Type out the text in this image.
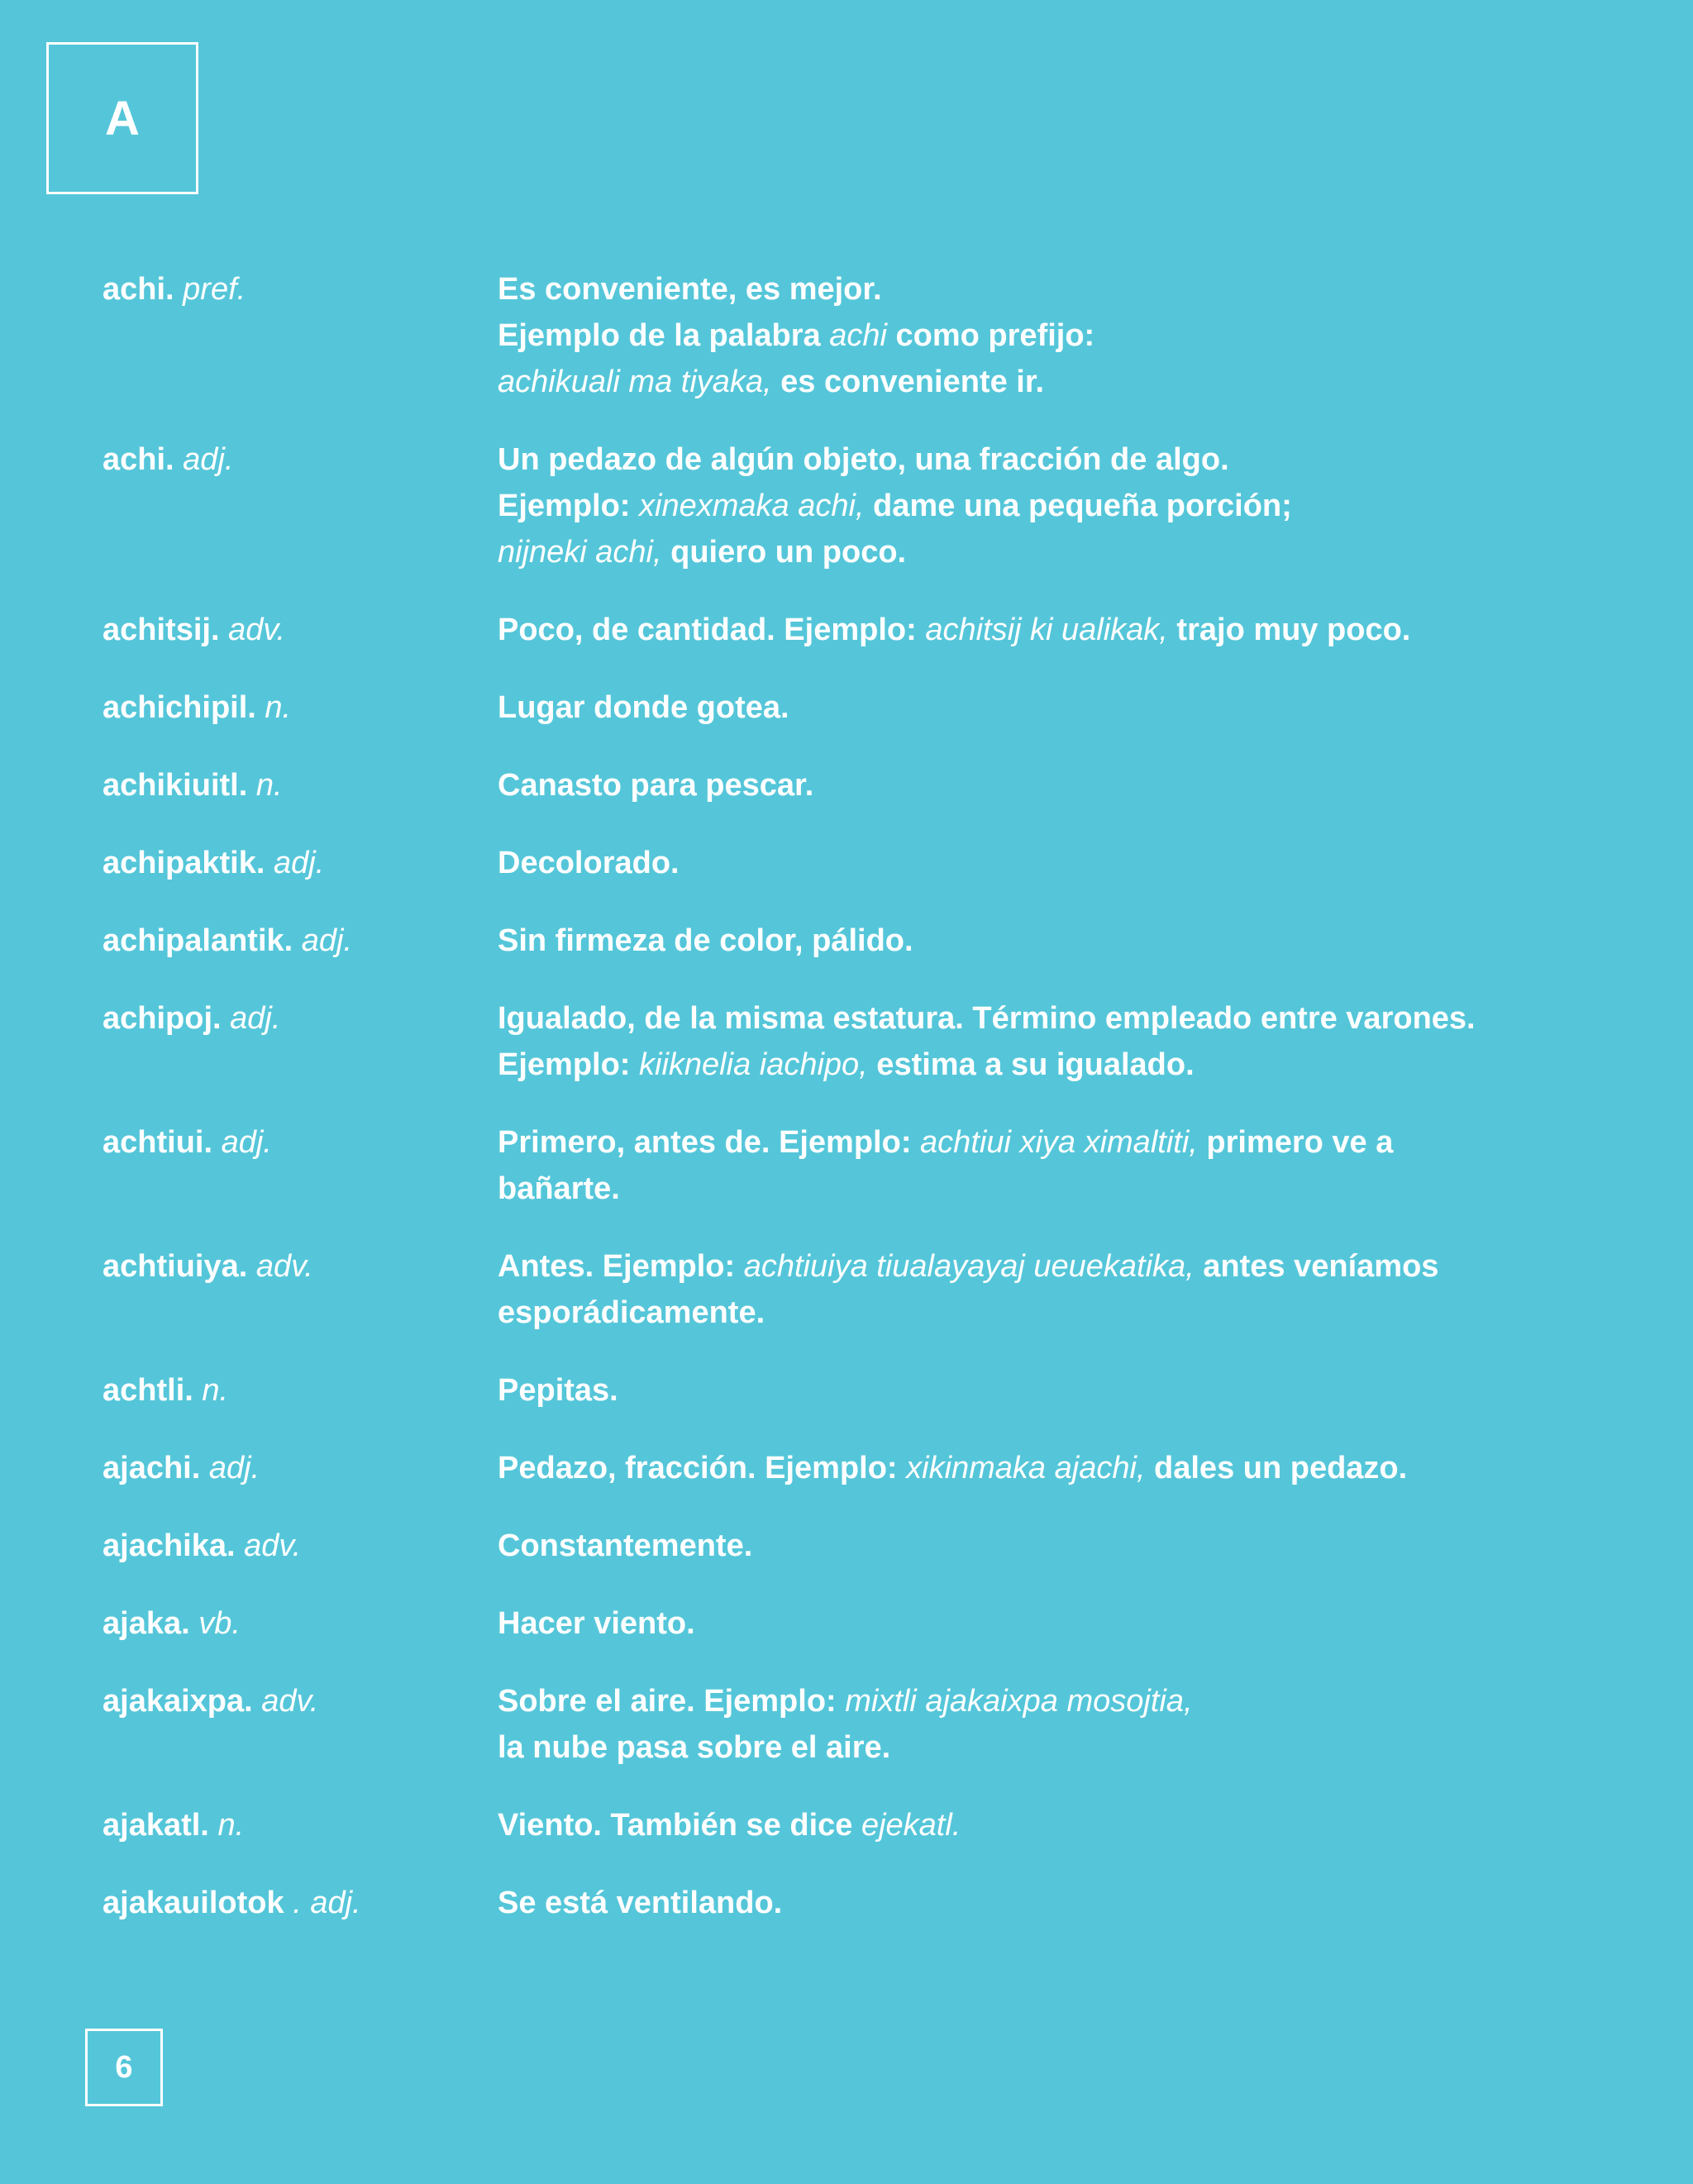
A
achi. pref.	Es conveniente, es mejor.
Ejemplo de la palabra achi como prefijo:
achikuali ma tiyaka, es conveniente ir.
achi. adj.	Un pedazo de algún objeto, una fracción de algo.
Ejemplo: xinexmaka achi, dame una pequeña porción;
nijneki achi, quiero un poco.
achitsij. adv.	Poco, de cantidad. Ejemplo: achitsij ki ualikak, trajo muy poco.
achichipil. n.	Lugar donde gotea.
achikiuitl. n.	Canasto para pescar.
achipaktik. adj.	Decolorado.
achipalantik. adj.	Sin firmeza de color, pálido.
achipoj. adj.	Igualado, de la misma estatura. Término empleado entre varones.
Ejemplo: kiiknelia iachipo, estima a su igualado.
achtiui. adj.	Primero, antes de. Ejemplo: achtiui xiya ximaltiti, primero ve a
bañarte.
achtiuiya. adv.	Antes. Ejemplo: achtiuiya tiualayayaj ueuekatika, antes veníamos
esporádicamente.
achtli. n.	Pepitas.
ajachi. adj.	Pedazo, fracción. Ejemplo: xikinmaka ajachi, dales un pedazo.
ajachika. adv.	Constantemente.
ajaka. vb.	Hacer viento.
ajakaixpa. adv.	Sobre el aire. Ejemplo: mixtli ajakaixpa mosojtia,
la nube pasa sobre el aire.
ajakatl. n.	Viento. También se dice ejekatl.
ajakauilotok . adj.	Se está ventilando.
6
